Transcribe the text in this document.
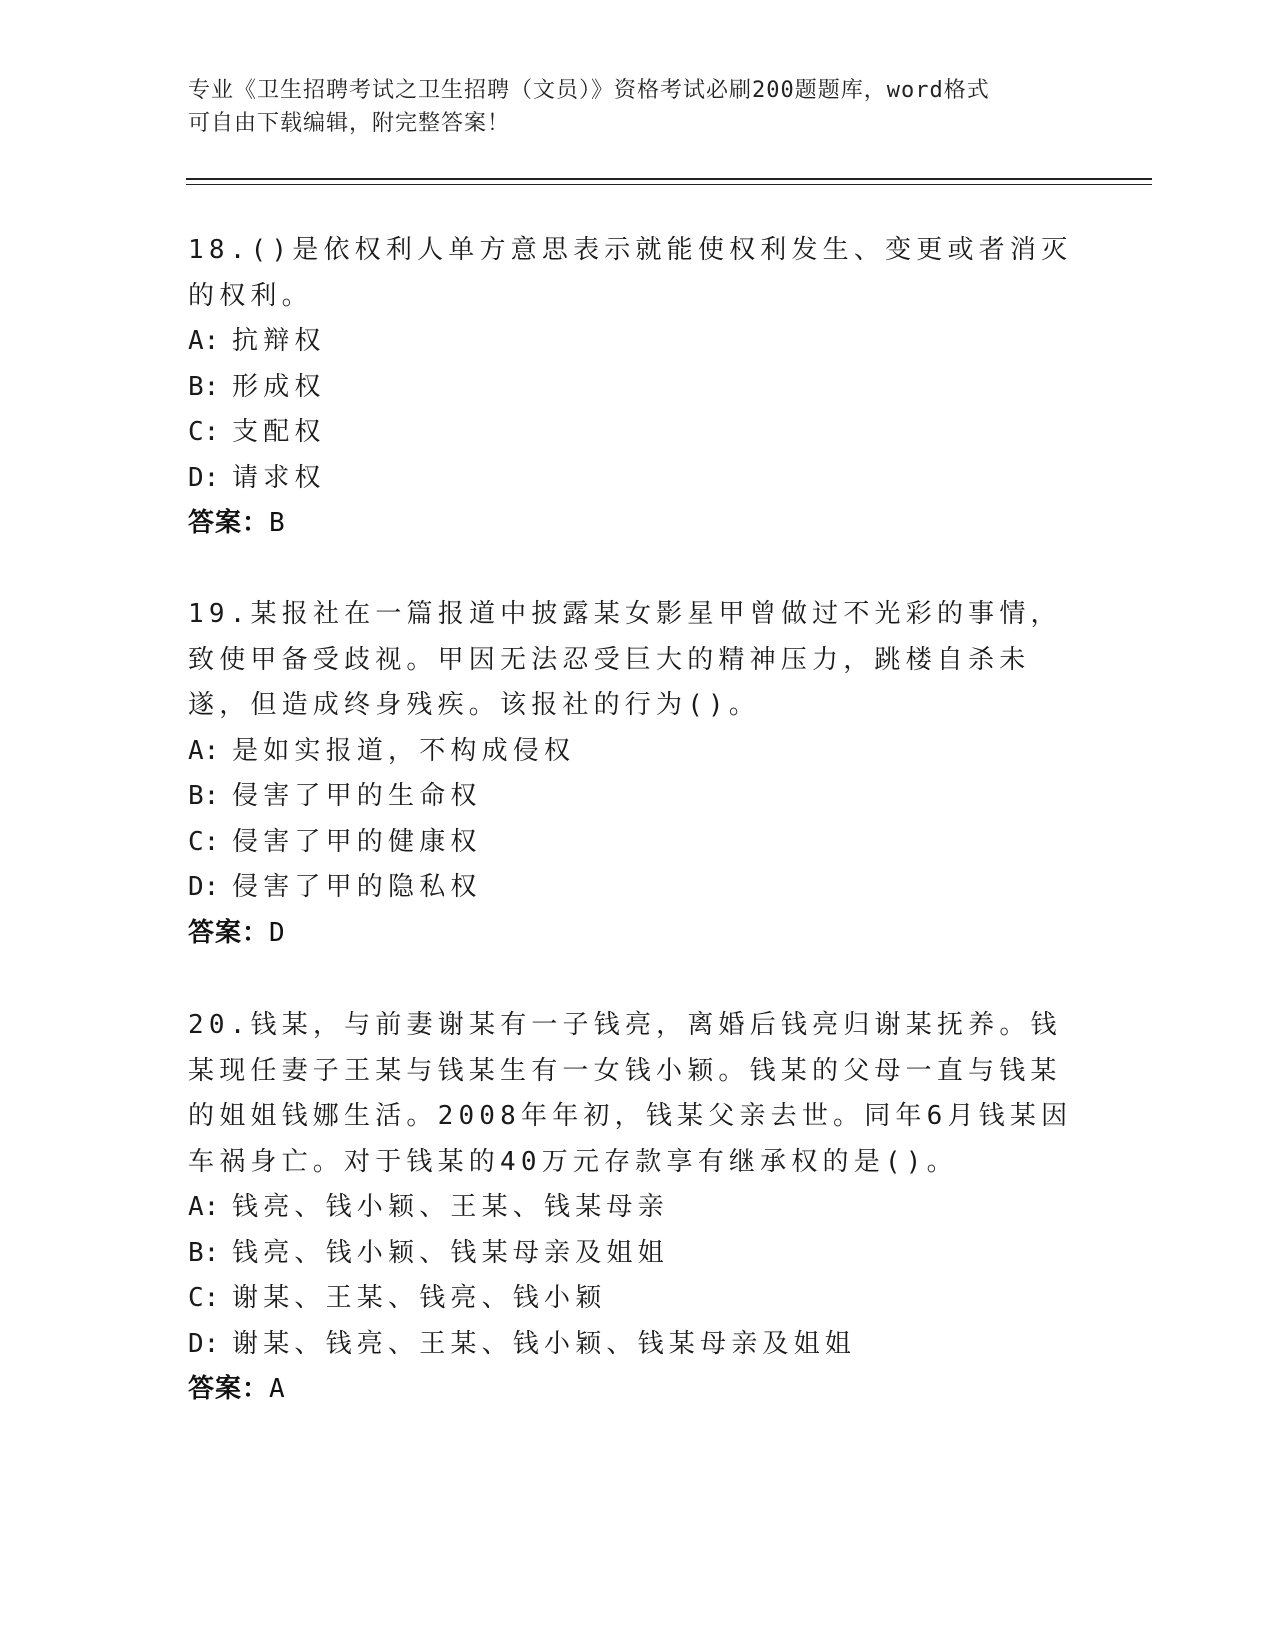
专业《卫生招聘考试之卫生招聘（文员）》资格考试必刷200题题库，word格式
可自由下载编辑，附完整答案！

18.()是依权利人单方意思表示就能使权利发生、变更或者消灭的权利。

A: 抗辩权

B: 形成权

C: 支配权

D: 请求权

答案：B

19.某报社在一篇报道中披露某女影星甲曾做过不光彩的事情，致使甲备受歧视。甲因无法忍受巨大的精神压力，跳楼自杀未遂，但造成终身残疾。该报社的行为()。

A: 是如实报道，不构成侵权

B: 侵害了甲的生命权

C: 侵害了甲的健康权

D: 侵害了甲的隐私权

答案：D

20.钱某，与前妻谢某有一子钱亮，离婚后钱亮归谢某抚养。钱某现任妻子王某与钱某生有一女钱小颖。钱某的父母一直与钱某的姐姐钱娜生活。2008年年初，钱某父亲去世。同年6月钱某因车祸身亡。对于钱某的40万元存款享有继承权的是()。

A: 钱亮、钱小颖、王某、钱某母亲

B: 钱亮、钱小颖、钱某母亲及姐姐

C: 谢某、王某、钱亮、钱小颖

D: 谢某、钱亮、王某、钱小颖、钱某母亲及姐姐

答案：A
